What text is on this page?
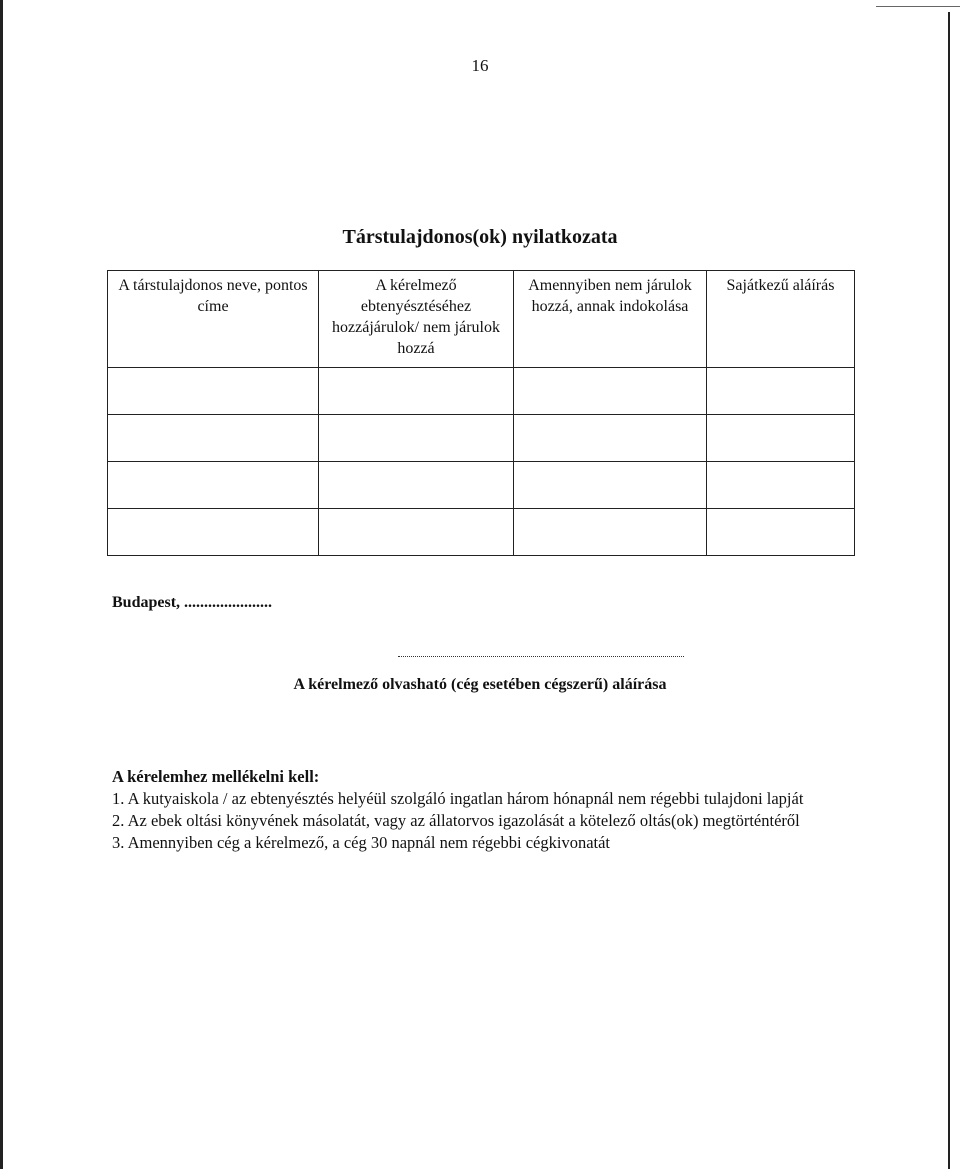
16
Társtulajdonos(ok) nyilatkozata
A társtulajdonos neve, pontos címe	A kérelmező ebtenyésztéséhez hozzájárulok/ nem járulok hozzá	Amennyiben nem járulok hozzá, annak indokolása	Sajátkezű aláírás

Budapest, ......................
A kérelmező olvasható (cég esetében cégszerű) aláírása
A kérelemhez mellékelni kell:

1. A kutyaiskola / az ebtenyésztés helyéül szolgáló ingatlan három hónapnál nem régebbi tulajdoni lapját

2. Az ebek oltási könyvének másolatát, vagy az állatorvos igazolását a kötelező oltás(ok) megtörténtéről

3. Amennyiben cég a kérelmező, a cég 30 napnál nem régebbi cégkivonatát
